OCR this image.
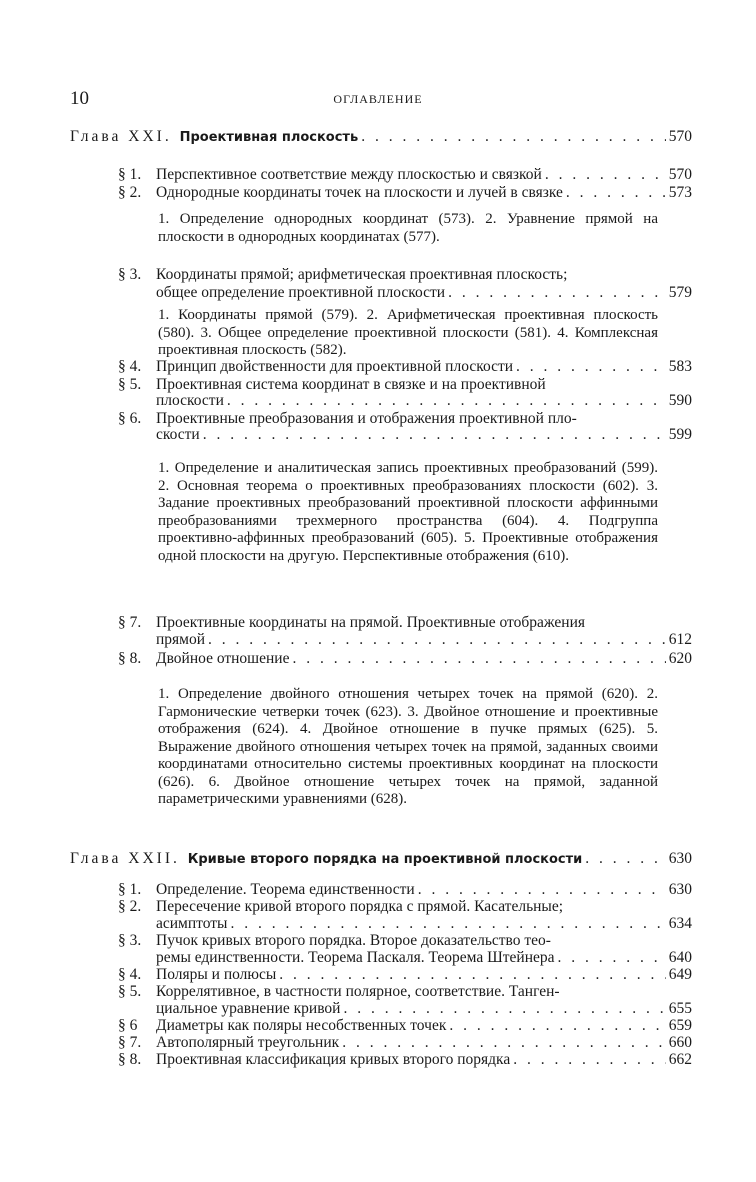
10	ОГЛАВЛЕНИЕ
Глава XXI. Проективная плоскость . . .	570
§ 1. Перспективное соответствие между плоскостью и связкой . . .	570
§ 2. Однородные координаты точек на плоскости и лучей в связке . . .	573
1. Определение однородных координат (573). 2. Уравнение прямой на плоскости в однородных координатах (577).
§ 3. Координаты прямой; арифметическая проективная плоскость;
общее определение проективной плоскости . . .	579
1. Координаты прямой (579). 2. Арифметическая проективная плоскость (580). 3. Общее определение проективной плоскости (581). 4. Комплексная проективная плоскость (582).
§ 4. Принцип двойственности для проективной плоскости . . .	583
§ 5. Проективная система координат в связке и на проективной
плоскости . . .	590
§ 6. Проективные преобразования и отображения проективной пло-
скости . . .	599
1. Определение и аналитическая запись проективных преобразований (599). 2. Основная теорема о проективных преобразованиях плоскости (602). 3. Задание проективных преобразований проективной плоскости аффинными преобразованиями трехмерного пространства (604). 4. Подгруппа проективно-аффинных преобразований (605). 5. Проективные отображения одной плоскости на другую. Перспективные отображения (610).
§ 7. Проективные координаты на прямой. Проективные отображения
прямой . . .	612
§ 8. Двойное отношение . . .	620
1. Определение двойного отношения четырех точек на прямой (620). 2. Гармонические четверки точек (623). 3. Двойное отношение и проективные отображения (624). 4. Двойное отношение в пучке прямых (625). 5. Выражение двойного отношения четырех точек на прямой, заданных своими координатами относительно системы проективных координат на плоскости (626). 6. Двойное отношение четырех точек на прямой, заданной параметрическими уравнениями (628).
Глава XXII. Кривые второго порядка на проективной плоскости . . .	630
§ 1. Определение. Теорема единственности . . .	630
§ 2. Пересечение кривой второго порядка с прямой. Касательные;
асимптоты . . .	634
§ 3. Пучок кривых второго порядка. Второе доказательство тео-
ремы единственности. Теорема Паскаля. Теорема Штейнера . . .	640
§ 4. Поляры и полюсы . . .	649
§ 5. Коррелятивное, в частности полярное, соответствие. Танген-
циальное уравнение кривой . . .	655
§ 6 Диаметры как поляры несобственных точек . . .	659
§ 7. Автополярный треугольник . . .	660
§ 8. Проективная классификация кривых второго порядка . . .	662
